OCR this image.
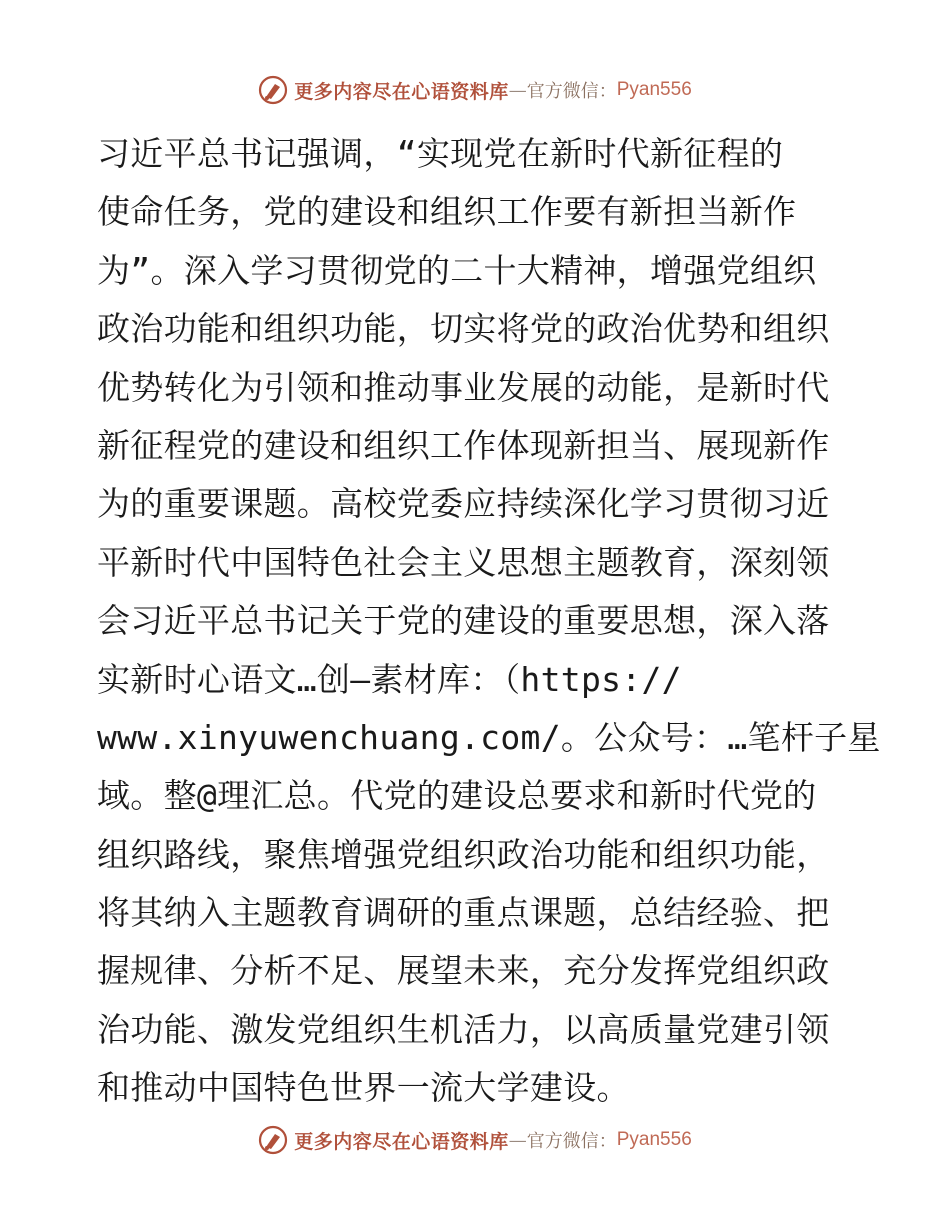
更多内容尽在心语资料库 — 官方微信： Pyan556
习近平总书记强调，“实现党在新时代新征程的
使命任务，党的建设和组织工作要有新担当新作
为”。深入学习贯彻党的二十大精神，增强党组织
政治功能和组织功能，切实将党的政治优势和组织
优势转化为引领和推动事业发展的动能，是新时代
新征程党的建设和组织工作体现新担当、展现新作
为的重要课题。高校党委应持续深化学习贯彻习近
平新时代中国特色社会主义思想主题教育，深刻领
会习近平总书记关于党的建设的重要思想，深入落
实新时心语文…创—素材库：（https://
www.xinyuwenchuang.com/。公众号：…笔杆子星
域。整@理汇总。代党的建设总要求和新时代党的
组织路线，聚焦增强党组织政治功能和组织功能，
将其纳入主题教育调研的重点课题，总结经验、把
握规律、分析不足、展望未来，充分发挥党组织政
治功能、激发党组织生机活力，以高质量党建引领
和推动中国特色世界一流大学建设。
更多内容尽在心语资料库 — 官方微信： Pyan556
